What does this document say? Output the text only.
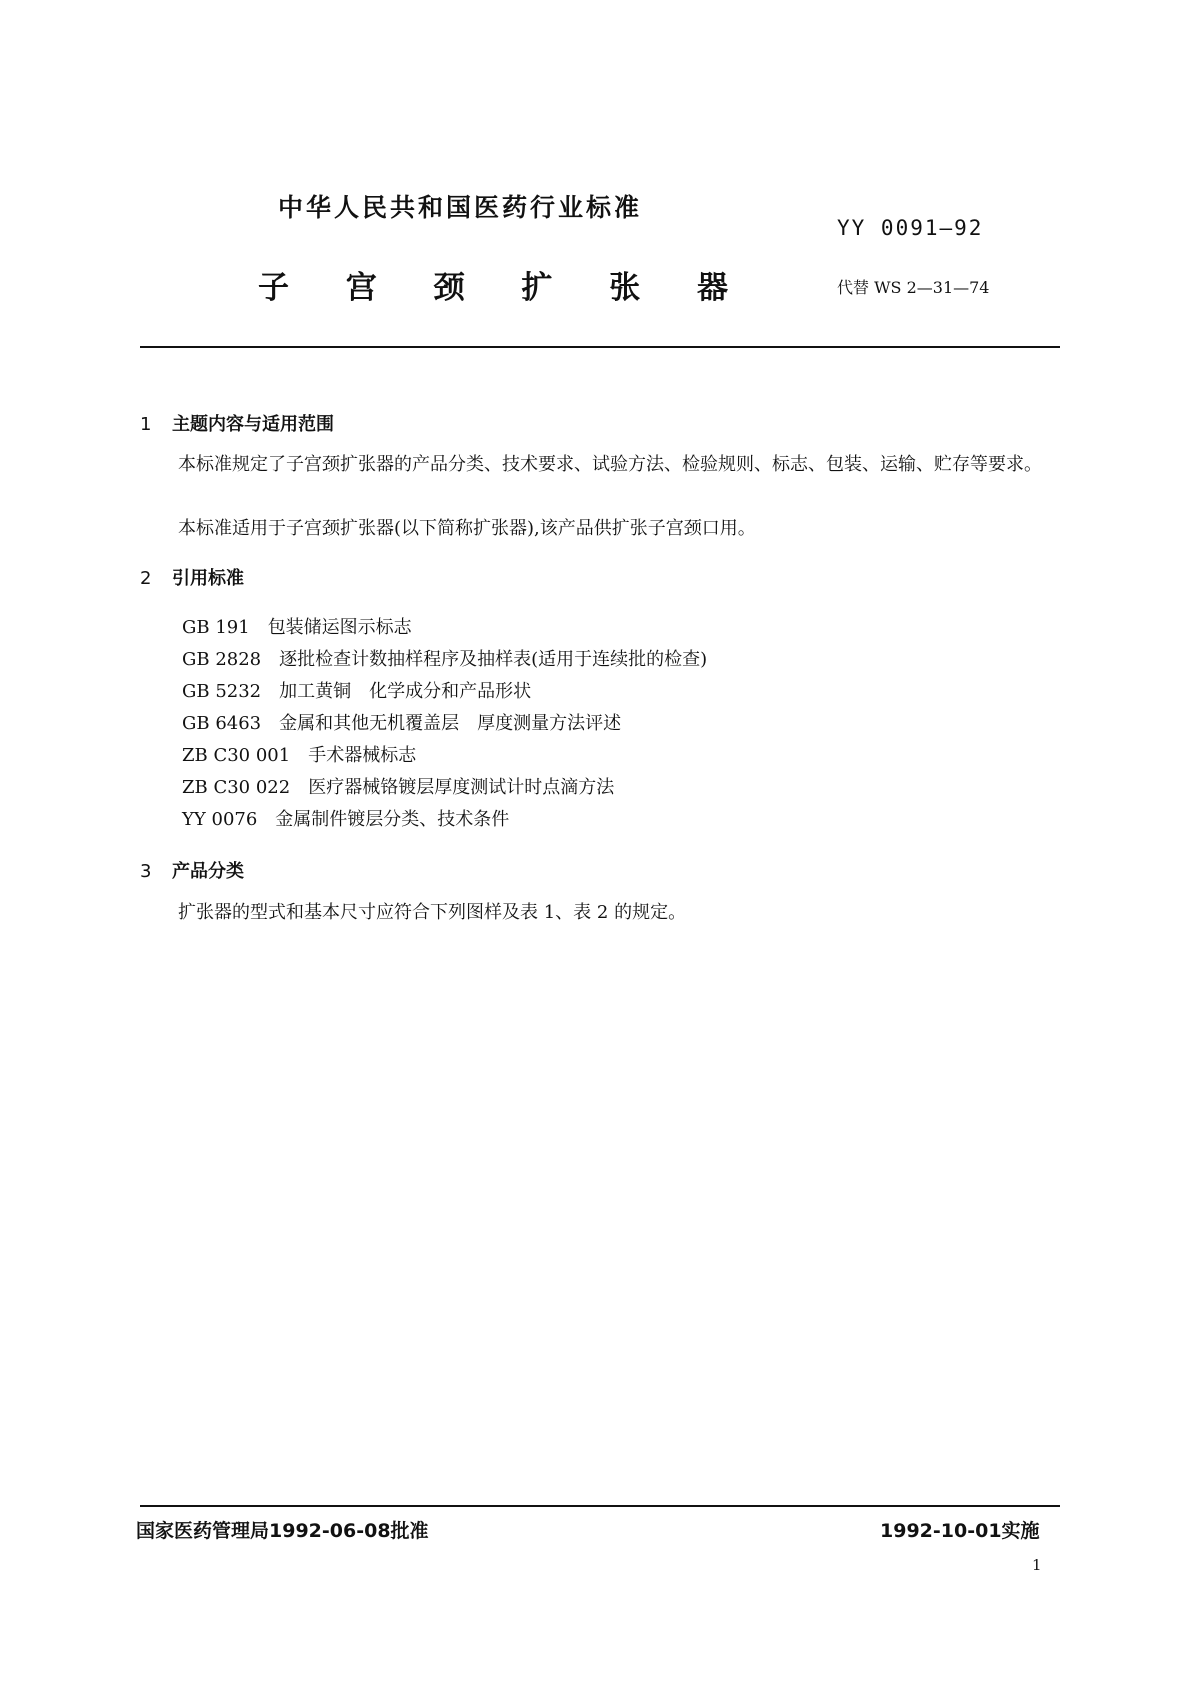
中华人民共和国医药行业标准
YY 0091—92
子 宫 颈 扩 张 器	代替 WS 2—31—74
1 主题内容与适用范围
本标准规定了子宫颈扩张器的产品分类、技术要求、试验方法、检验规则、标志、包装、运输、贮存等要求。
本标准适用于子宫颈扩张器(以下简称扩张器),该产品供扩张子宫颈口用。
2 引用标准
GB 191 包装储运图示标志
GB 2828 逐批检查计数抽样程序及抽样表(适用于连续批的检查)
GB 5232 加工黄铜　化学成分和产品形状
GB 6463 金属和其他无机覆盖层　厚度测量方法评述
ZB C30 001 手术器械标志
ZB C30 022 医疗器械铬镀层厚度测试计时点滴方法
YY 0076 金属制件镀层分类、技术条件
3 产品分类
扩张器的型式和基本尺寸应符合下列图样及表 1、表 2 的规定。
国家医药管理局1992-06-08批准	1992-10-01实施
1
